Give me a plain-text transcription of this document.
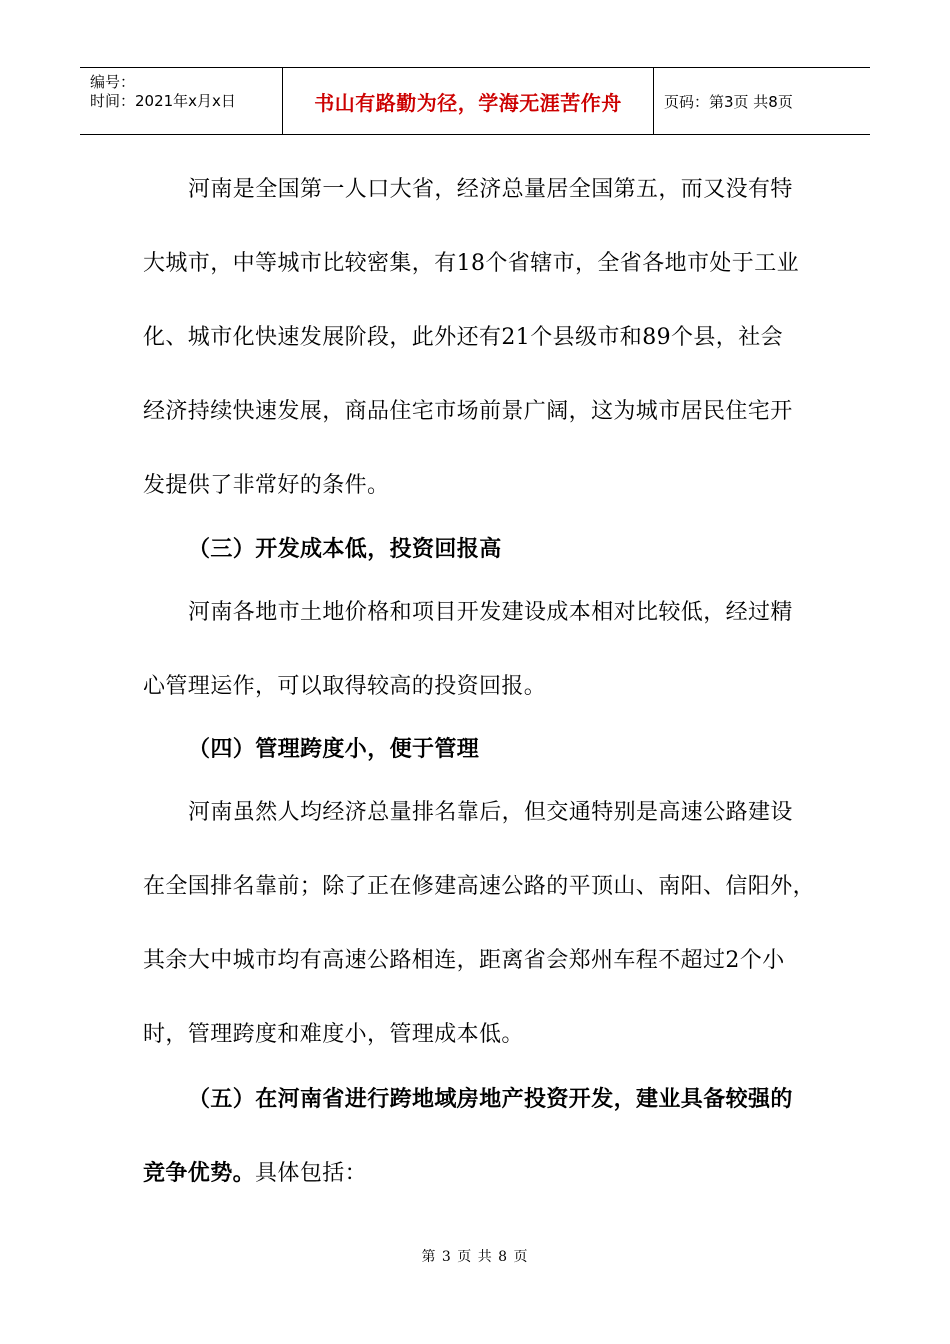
编号：
时间：2021年x月x日	书山有路勤为径，学海无涯苦作舟	页码：第3页 共8页
河南是全国第一人口大省，经济总量居全国第五，而又没有特
大城市，中等城市比较密集，有18个省辖市，全省各地市处于工业
化、城市化快速发展阶段，此外还有21个县级市和89个县，社会
经济持续快速发展，商品住宅市场前景广阔，这为城市居民住宅开
发提供了非常好的条件。
（三）开发成本低，投资回报高
河南各地市土地价格和项目开发建设成本相对比较低，经过精
心管理运作，可以取得较高的投资回报。
（四）管理跨度小，便于管理
河南虽然人均经济总量排名靠后，但交通特别是高速公路建设
在全国排名靠前；除了正在修建高速公路的平顶山、南阳、信阳外，
其余大中城市均有高速公路相连，距离省会郑州车程不超过2个小
时，管理跨度和难度小，管理成本低。
（五）在河南省进行跨地域房地产投资开发，建业具备较强的
竞争优势。具体包括：
第 3 页 共 8 页
